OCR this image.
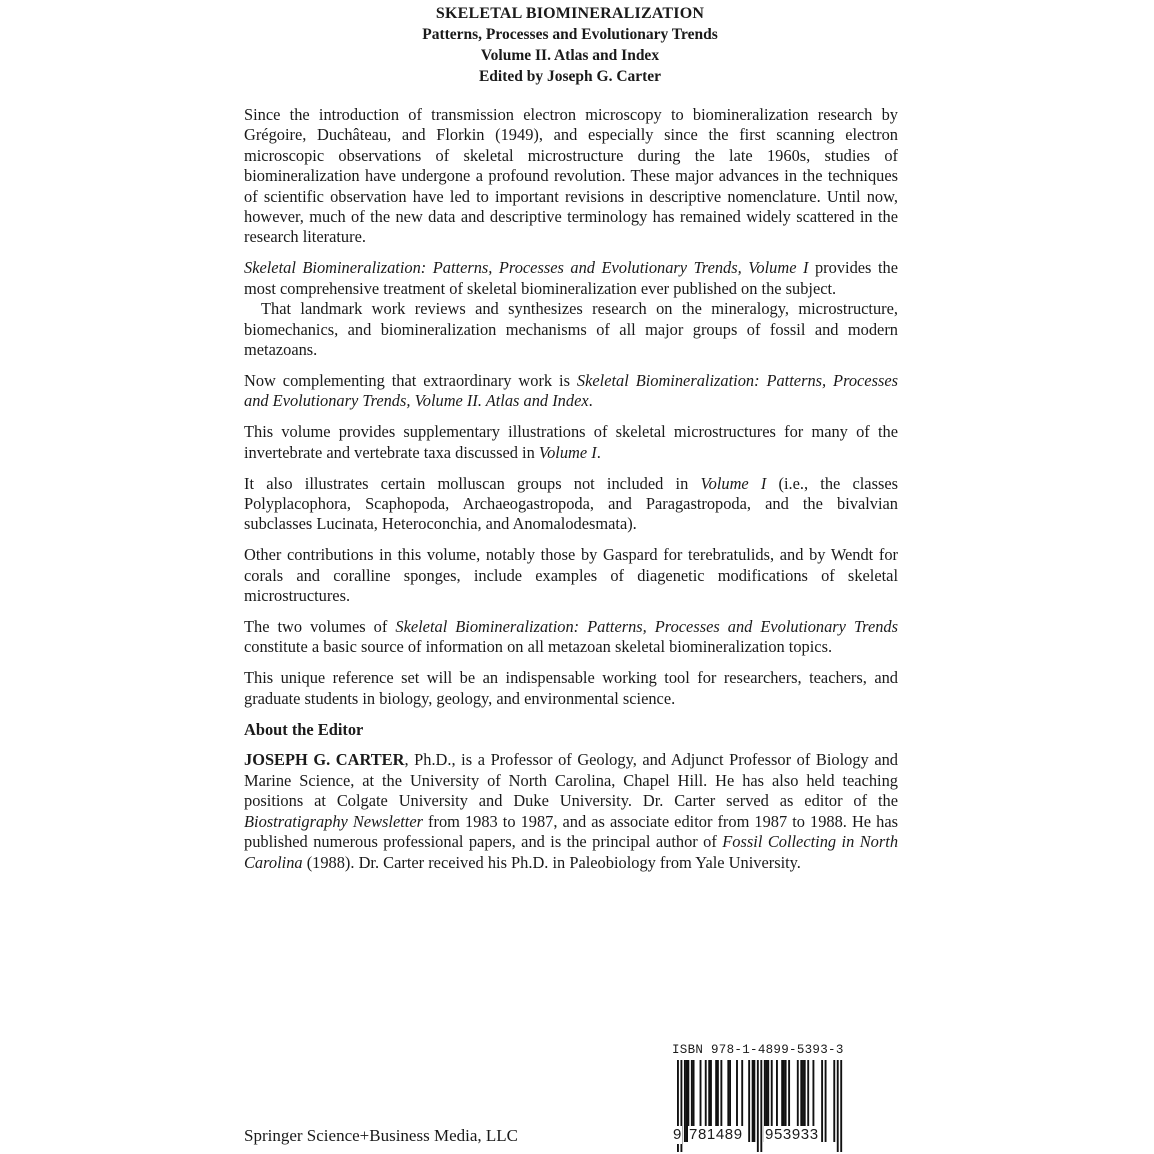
SKELETAL BIOMINERALIZATION
Patterns, Processes and Evolutionary Trends
Volume II. Atlas and Index
Edited by Joseph G. Carter

Since the introduction of transmission electron microscopy to biomineralization research by Grégoire, Duchâteau, and Florkin (1949), and especially since the first scanning electron microscopic observations of skeletal microstructure during the late 1960s, studies of biomineralization have undergone a profound revolution. These major advances in the techniques of scientific observation have led to important revisions in descriptive nomenclature. Until now, however, much of the new data and descriptive terminology has remained widely scattered in the research literature.

Skeletal Biomineralization: Patterns, Processes and Evolutionary Trends, Volume I provides the most comprehensive treatment of skeletal biomineralization ever published on the subject.

That landmark work reviews and synthesizes research on the mineralogy, microstructure, biomechanics, and biomineralization mechanisms of all major groups of fossil and modern metazoans.

Now complementing that extraordinary work is Skeletal Biomineralization: Patterns, Processes and Evolutionary Trends, Volume II. Atlas and Index.

This volume provides supplementary illustrations of skeletal microstructures for many of the invertebrate and vertebrate taxa discussed in Volume I.

It also illustrates certain molluscan groups not included in Volume I (i.e., the classes Polyplacophora, Scaphopoda, Archaeogastropoda, and Paragastropoda, and the bivalvian subclasses Lucinata, Heteroconchia, and Anomalodesmata).

Other contributions in this volume, notably those by Gaspard for terebratulids, and by Wendt for corals and coralline sponges, include examples of diagenetic modifications of skeletal microstructures.

The two volumes of Skeletal Biomineralization: Patterns, Processes and Evolutionary Trends constitute a basic source of information on all metazoan skeletal biomineralization topics.

This unique reference set will be an indispensable working tool for researchers, teachers, and graduate students in biology, geology, and environmental science.

About the Editor

JOSEPH G. CARTER, Ph.D., is a Professor of Geology, and Adjunct Professor of Biology and Marine Science, at the University of North Carolina, Chapel Hill. He has also held teaching positions at Colgate University and Duke University. Dr. Carter served as editor of the Biostratigraphy Newsletter from 1983 to 1987, and as associate editor from 1987 to 1988. He has published numerous professional papers, and is the principal author of Fossil Collecting in North Carolina (1988). Dr. Carter received his Ph.D. in Paleobiology from Yale University.

Springer Science+Business Media, LLC
ISBN 978-1-4899-5393-3
9 781489 953933
